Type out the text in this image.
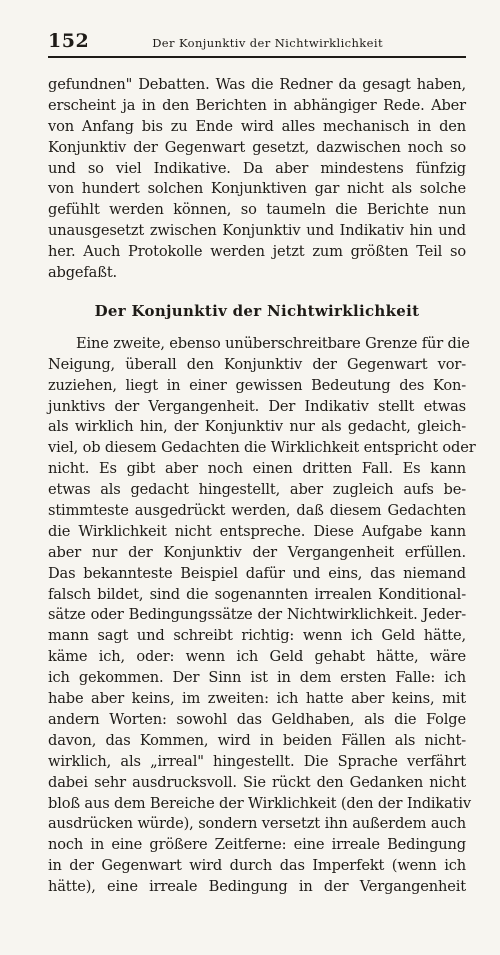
152	Der Konjunktiv der Nichtwirklichkeit
gefundnen" Debatten. Was die Redner da gesagt haben,
erscheint ja in den Berichten in abhängiger Rede. Aber
von Anfang bis zu Ende wird alles mechanisch in den
Konjunktiv der Gegenwart gesetzt, dazwischen noch so
und so viel Indikative. Da aber mindestens fünfzig
von hundert solchen Konjunktiven gar nicht als solche
gefühlt werden können, so taumeln die Berichte nun
unausgesetzt zwischen Konjunktiv und Indikativ hin und
her. Auch Protokolle werden jetzt zum größten Teil so
abgefaßt.
Der Konjunktiv der Nichtwirklichkeit
Eine zweite, ebenso unüberschreitbare Grenze für die
Neigung, überall den Konjunktiv der Gegenwart vor-
zuziehen, liegt in einer gewissen Bedeutung des Kon-
junktivs der Vergangenheit. Der Indikativ stellt etwas
als wirklich hin, der Konjunktiv nur als gedacht, gleich-
viel, ob diesem Gedachten die Wirklichkeit entspricht oder
nicht. Es gibt aber noch einen dritten Fall. Es kann
etwas als gedacht hingestellt, aber zugleich aufs be-
stimmteste ausgedrückt werden, daß diesem Gedachten
die Wirklichkeit nicht entspreche. Diese Aufgabe kann
aber nur der Konjunktiv der Vergangenheit erfüllen.
Das bekannteste Beispiel dafür und eins, das niemand
falsch bildet, sind die sogenannten irrealen Konditional-
sätze oder Bedingungssätze der Nichtwirklichkeit. Jeder-
mann sagt und schreibt richtig: wenn ich Geld hätte,
käme ich, oder: wenn ich Geld gehabt hätte, wäre
ich gekommen. Der Sinn ist in dem ersten Falle: ich
habe aber keins, im zweiten: ich hatte aber keins, mit
andern Worten: sowohl das Geldhaben, als die Folge
davon, das Kommen, wird in beiden Fällen als nicht-
wirklich, als „irreal" hingestellt. Die Sprache verfährt
dabei sehr ausdrucksvoll. Sie rückt den Gedanken nicht
bloß aus dem Bereiche der Wirklichkeit (den der Indikativ
ausdrücken würde), sondern versetzt ihn außerdem auch
noch in eine größere Zeitferne: eine irreale Bedingung
in der Gegenwart wird durch das Imperfekt (wenn ich
hätte), eine irreale Bedingung in der Vergangenheit
